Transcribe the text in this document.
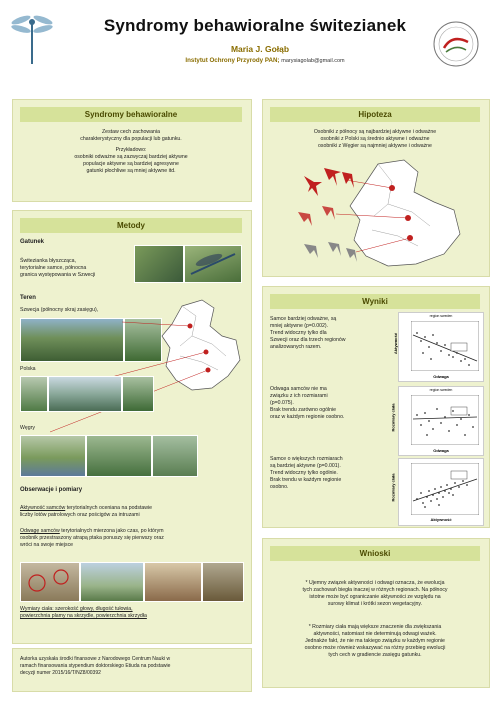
Syndromy behawioralne świtezianek
Maria J. Gołąb
Instytut Ochrony Przyrody PAN; marysiagolab@gmail.com
Syndromy behawioralne
Zestaw cech zachowania
charakterystyczny dla populacji lub gatunku.
Przykładowo:
osobniki odważne są zazwyczaj bardziej aktywne
populacje aktywne są bardziej agresywne
gatunki płochliwe są mniej aktywne itd.
Metody
Gatunek
Świtezianka błyszcząca,
terytorialne samce, północna
granica występowania w Szwecji
Teren
Szwecja (północny skraj zasięgu),
Polska
Węgry
Obserwacje i pomiary
Aktywność samców terytorialnych oceniana na podstawie
liczby lotów patrolowych oraz pościgów za intruzami
Odwagę samców terytorialnych mierzona jako czas, po którym
osobnik przestraszony atrapą ptaka ponuszy się pierwszy oraz
wróci na swoje miejsce
Wymiary ciała: szerokość głowy, długość tułowia,
powierzchnia plamy na skrzydle, powierzchnia skrzydła
Autorka uzyskała środki finansowe z Narodowego Centrum Nauki w
ramach finansowania stypendium doktorskiego Etiuda na podstawie
decyzji numer 2015/16/T/NZ8/00392
Hipoteza
Osobniki z północy są najbardziej aktywne i odważne
osobniki z Polski są średnio aktywne i odważne
osobniki z Węgier są najmniej aktywne i odważne
Wyniki
Samce bardziej odważne, są
mniej aktywne (p=0.002).
Trend widoczny tylko dla
Szwecji oraz dla trzech regionów
analizowanych razem.
Odwaga samców nie ma
związku z ich rozmiarami
(p=0.075).
Brak trendu zarówno ogólnie
oraz w każdym regionie osobno.
Samce o większych rozmiarach
są bardziej aktywne (p=0.001).
Trend widoczny tylko ogólnie.
Brak trendu w każdym regionie
osobno.
region sweden
Aktywność
Odwaga
region sweden
Rozmiary ciała
Odwaga
Rozmiary ciała
Aktywność
Wnioski
* Ujemny związek aktywności i odwagi oznacza, że ewolucja
tych zachowań biegła inaczej w różnych regionach. Na północy
istotne może być ograniczanie aktywności ze względu na
surowy klimat i krótki sezon wegetacyjny.
* Rozmiary ciała mają większe znaczenie dla zwiększania
aktywności, natomiast nie determinują odwagi ważek.
Jednakże fakt, że nie ma takiego związku w każdym regionie
osobno może również wskazywać na różny przebieg ewolucji
tych cech w gradiencie zasięgu gatunku.
